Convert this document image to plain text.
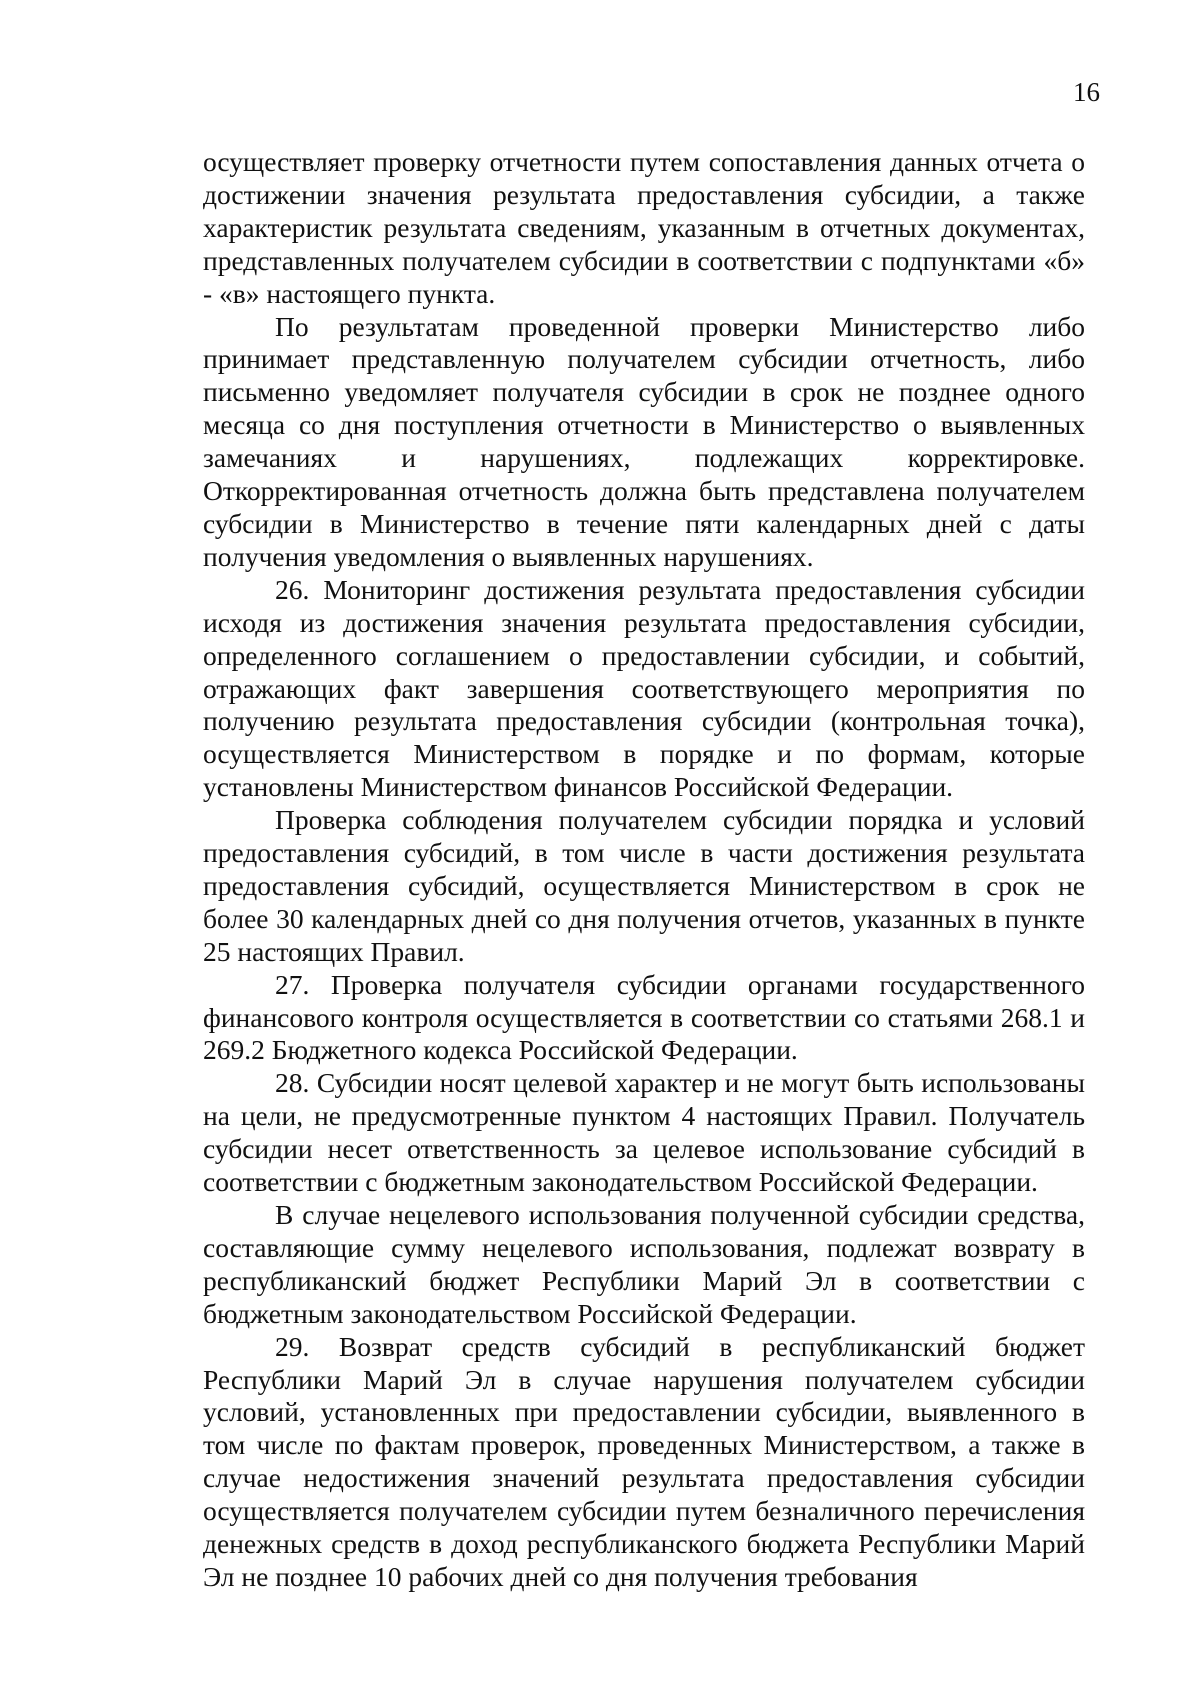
16

осуществляет проверку отчетности путем сопоставления данных отчета о достижении значения результата предоставления субсидии, а также характеристик результата сведениям, указанным в отчетных документах, представленных получателем субсидии в соответствии с подпунктами «б» - «в» настоящего пункта.

По результатам проведенной проверки Министерство либо принимает представленную получателем субсидии отчетность, либо письменно уведомляет получателя субсидии в срок не позднее одного месяца со дня поступления отчетности в Министерство о выявленных замечаниях и нарушениях, подлежащих корректировке. Откорректированная отчетность должна быть представлена получателем субсидии в Министерство в течение пяти календарных дней с даты получения уведомления о выявленных нарушениях.

26. Мониторинг достижения результата предоставления субсидии исходя из достижения значения результата предоставления субсидии, определенного соглашением о предоставлении субсидии, и событий, отражающих факт завершения соответствующего мероприятия по получению результата предоставления субсидии (контрольная точка), осуществляется Министерством в порядке и по формам, которые установлены Министерством финансов Российской Федерации.

Проверка соблюдения получателем субсидии порядка и условий предоставления субсидий, в том числе в части достижения результата предоставления субсидий, осуществляется Министерством в срок не более 30 календарных дней со дня получения отчетов, указанных в пункте 25 настоящих Правил.

27. Проверка получателя субсидии органами государственного финансового контроля осуществляется в соответствии со статьями 268.1 и 269.2 Бюджетного кодекса Российской Федерации.

28. Субсидии носят целевой характер и не могут быть использованы на цели, не предусмотренные пунктом 4 настоящих Правил. Получатель субсидии несет ответственность за целевое использование субсидий в соответствии с бюджетным законодательством Российской Федерации.

В случае нецелевого использования полученной субсидии средства, составляющие сумму нецелевого использования, подлежат возврату в республиканский бюджет Республики Марий Эл в соответствии с бюджетным законодательством Российской Федерации.

29. Возврат средств субсидий в республиканский бюджет Республики Марий Эл в случае нарушения получателем субсидии условий, установленных при предоставлении субсидии, выявленного в том числе по фактам проверок, проведенных Министерством, а также в случае недостижения значений результата предоставления субсидии осуществляется получателем субсидии путем безналичного перечисления денежных средств в доход республиканского бюджета Республики Марий Эл не позднее 10 рабочих дней со дня получения требования
